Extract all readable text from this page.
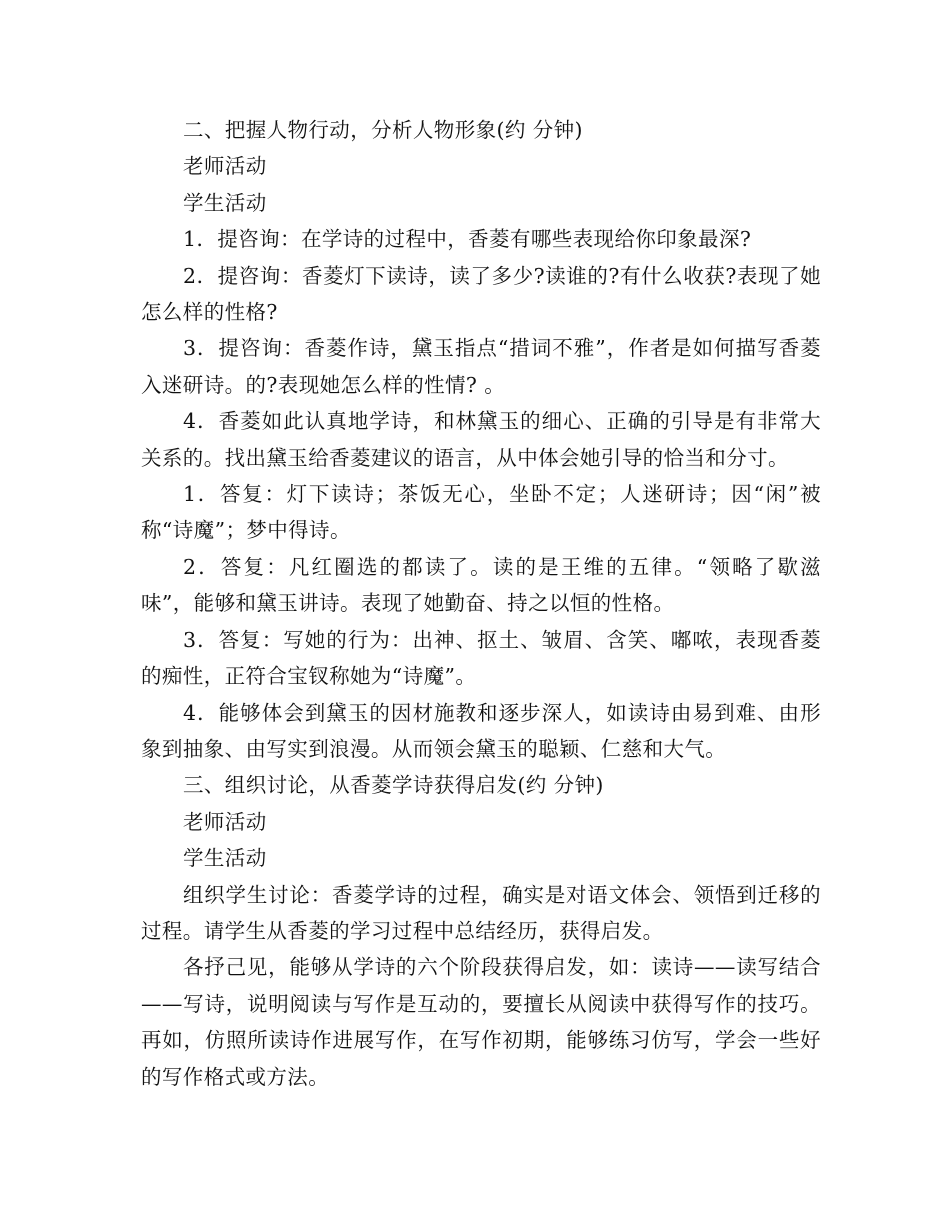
二、把握人物行动，分析人物形象(约 分钟)

老师活动

学生活动

1．提咨询：在学诗的过程中，香菱有哪些表现给你印象最深?

2．提咨询：香菱灯下读诗，读了多少?读谁的?有什么收获?表现了她怎么样的性格?

3．提咨询：香菱作诗，黛玉指点“措词不雅”，作者是如何描写香菱入迷研诗。的?表现她怎么样的性情? 。

4．香菱如此认真地学诗，和林黛玉的细心、正确的引导是有非常大关系的。找出黛玉给香菱建议的语言，从中体会她引导的恰当和分寸。

1．答复：灯下读诗；茶饭无心，坐卧不定；人迷研诗；因“闲”被称“诗魔”；梦中得诗。

2．答复：凡红圈选的都读了。读的是王维的五律。“领略了歇滋味”，能够和黛玉讲诗。表现了她勤奋、持之以恒的性格。

3．答复：写她的行为：出神、抠土、皱眉、含笑、嘟哝，表现香菱的痴性，正符合宝钗称她为“诗魔”。

4．能够体会到黛玉的因材施教和逐步深人，如读诗由易到难、由形象到抽象、由写实到浪漫。从而领会黛玉的聪颖、仁慈和大气。

三、组织讨论，从香菱学诗获得启发(约 分钟)

老师活动

学生活动

组织学生讨论：香菱学诗的过程，确实是对语文体会、领悟到迁移的过程。请学生从香菱的学习过程中总结经历，获得启发。

各抒己见，能够从学诗的六个阶段获得启发，如：读诗——读写结合——写诗，说明阅读与写作是互动的，要擅长从阅读中获得写作的技巧。再如，仿照所读诗作进展写作，在写作初期，能够练习仿写，学会一些好的写作格式或方法。
